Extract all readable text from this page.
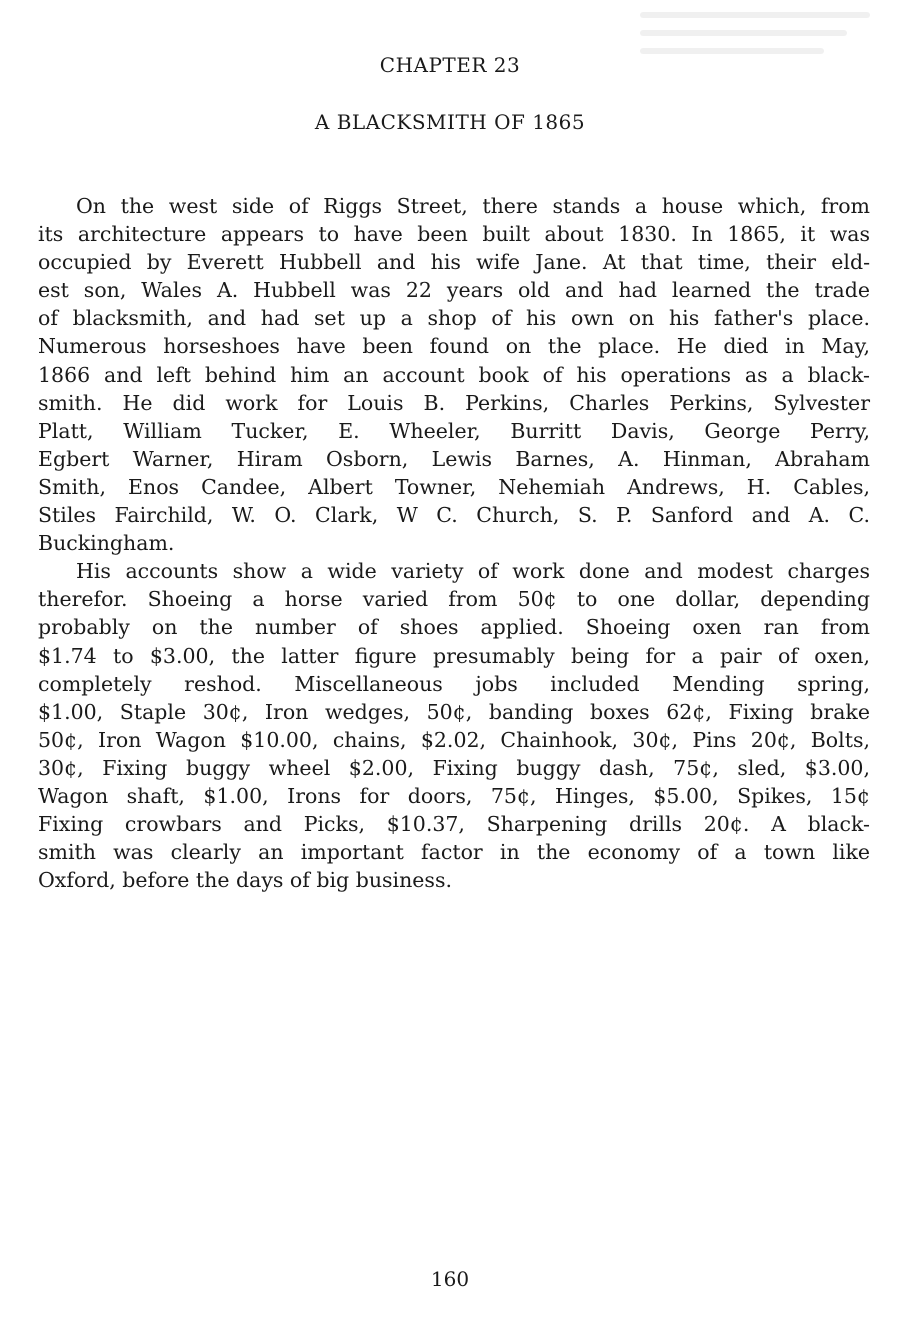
CHAPTER 23
A BLACKSMITH OF 1865

On the west side of Riggs Street, there stands a house which, from
its architecture appears to have been built about 1830. In 1865, it was
occupied by Everett Hubbell and his wife Jane. At that time, their eld-
est son, Wales A. Hubbell was 22 years old and had learned the trade
of blacksmith, and had set up a shop of his own on his father's place.
Numerous horseshoes have been found on the place. He died in May,
1866 and left behind him an account book of his operations as a black-
smith. He did work for Louis B. Perkins, Charles Perkins, Sylvester
Platt, William Tucker, E. Wheeler, Burritt Davis, George Perry,
Egbert Warner, Hiram Osborn, Lewis Barnes, A. Hinman, Abraham
Smith, Enos Candee, Albert Towner, Nehemiah Andrews, H. Cables,
Stiles Fairchild, W. O. Clark, W C. Church, S. P. Sanford and A. C.
Buckingham.

His accounts show a wide variety of work done and modest charges
therefor. Shoeing a horse varied from 50¢ to one dollar, depending
probably on the number of shoes applied. Shoeing oxen ran from
$1.74 to $3.00, the latter figure presumably being for a pair of oxen,
completely reshod. Miscellaneous jobs included Mending spring,
$1.00, Staple 30¢, Iron wedges, 50¢, banding boxes 62¢, Fixing brake
50¢, Iron Wagon $10.00, chains, $2.02, Chainhook, 30¢, Pins 20¢, Bolts,
30¢, Fixing buggy wheel $2.00, Fixing buggy dash, 75¢, sled, $3.00,
Wagon shaft, $1.00, Irons for doors, 75¢, Hinges, $5.00, Spikes, 15¢
Fixing crowbars and Picks, $10.37, Sharpening drills 20¢. A black-
smith was clearly an important factor in the economy of a town like
Oxford, before the days of big business.

160
